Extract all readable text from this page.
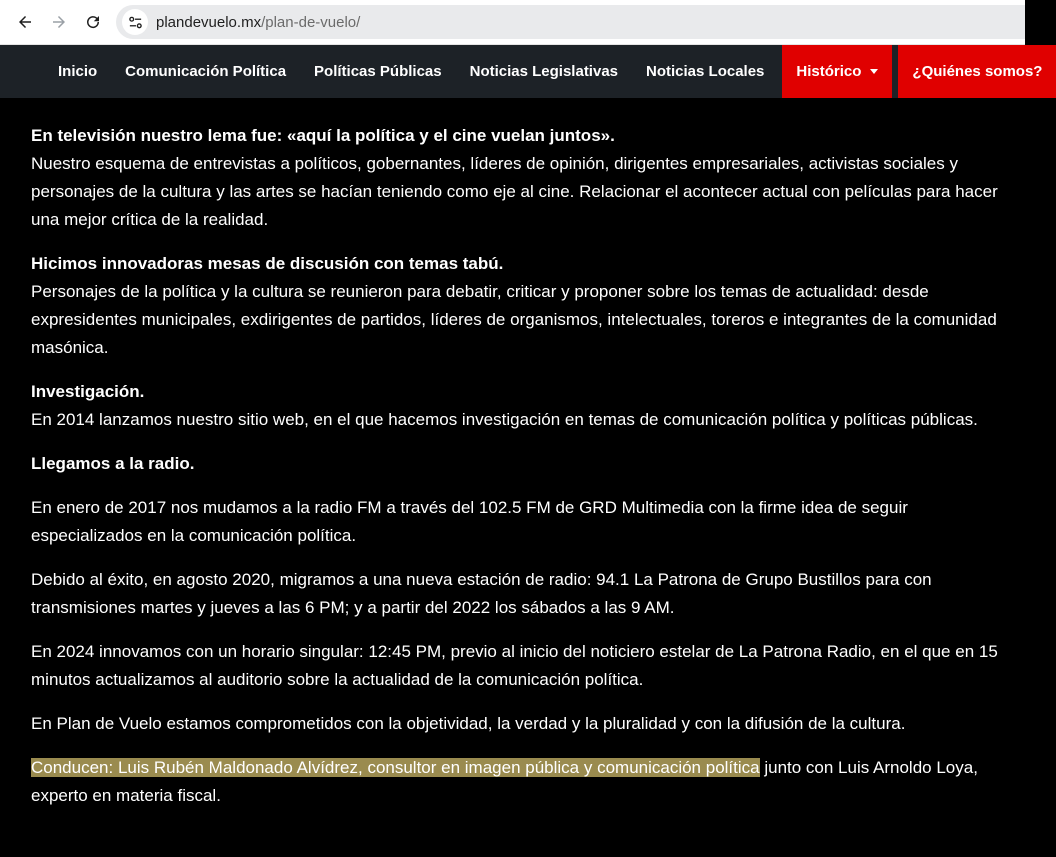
plandevuelo.mx /plan-de-vuelo/
Inicio	Comunicación Política	Políticas Públicas	Noticias Legislativas	Noticias Locales	Histórico	¿Quiénes somos?

En televisión nuestro lema fue: «aquí la política y el cine vuelan juntos».
Nuestro esquema de entrevistas a políticos, gobernantes, líderes de opinión, dirigentes empresariales, activistas sociales y personajes de la cultura y las artes se hacían teniendo como eje al cine. Relacionar el acontecer actual con películas para hacer una mejor crítica de la realidad.

Hicimos innovadoras mesas de discusión con temas tabú.
Personajes de la política y la cultura se reunieron para debatir, criticar y proponer sobre los temas de actualidad: desde expresidentes municipales, exdirigentes de partidos, líderes de organismos, intelectuales, toreros e integrantes de la comunidad masónica.

Investigación.
En 2014 lanzamos nuestro sitio web, en el que hacemos investigación en temas de comunicación política y políticas públicas.

Llegamos a la radio.

En enero de 2017 nos mudamos a la radio FM a través del 102.5 FM de GRD Multimedia con la firme idea de seguir especializados en la comunicación política.

Debido al éxito, en agosto 2020, migramos a una nueva estación de radio: 94.1 La Patrona de Grupo Bustillos para con transmisiones martes y jueves a las 6 PM; y a partir del 2022 los sábados a las 9 AM.

En 2024 innovamos con un horario singular: 12:45 PM, previo al inicio del noticiero estelar de La Patrona Radio, en el que en 15 minutos actualizamos al auditorio sobre la actualidad de la comunicación política.

En Plan de Vuelo estamos comprometidos con la objetividad, la verdad y la pluralidad y con la difusión de la cultura.

Conducen: Luis Rubén Maldonado Alvídrez, consultor en imagen pública y comunicación política junto con Luis Arnoldo Loya, experto en materia fiscal.
